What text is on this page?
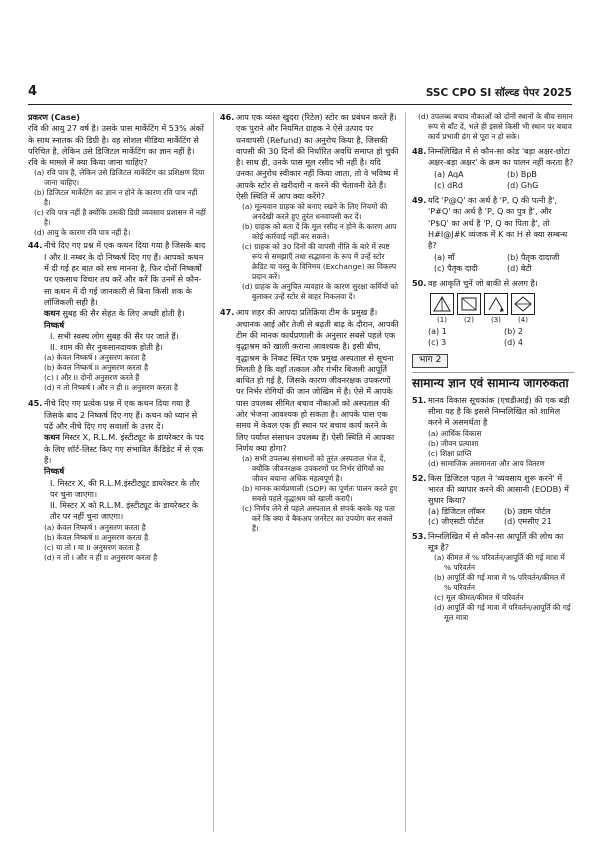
4	SSC CPO SI सॉल्व्ड पेपर 2025

प्रकरण (Case)

रवि की आयु 27 वर्ष है। उसके पास मार्केटिंग में 53% अंकों के साथ स्नातक की डिग्री है। वह सोशल मीडिया मार्केटिंग से परिचित है, लेकिन उसे डिजिटल मार्केटिंग का ज्ञान नहीं है। रवि के मामले में क्या किया जाना चाहिए?

(a) रवि पात्र है, लेकिन उसे डिजिटल मार्केटिंग का प्रशिक्षण दिया जाना चाहिए।

(b) डिजिटल मार्केटिंग का ज्ञान न होने के कारण रवि पात्र नहीं है।

(c) रवि पात्र नहीं है क्योंकि उसकी डिग्री व्यवसाय प्रशासन में नहीं है।

(d) आयु के कारण रवि पात्र नहीं है।

44. नीचे दिए गए प्रश्न में एक कथन दिया गया है जिसके बाद I और II नम्बर के दो निष्कर्ष दिए गए हैं। आपको कथन में दी गई हर बात को सच मानना है, फिर दोनों निष्कर्षों पर एकसाथ विचार तय करें और करें कि उनमें से कौन-सा कथन में दी गई जानकारी से बिना किसी शक के लॉजिकली सही है।

कथन सुबह की सैर सेहत के लिए अच्छी होती है।

निष्कर्ष

I. सभी स्वस्थ लोग सुबह की सैर पर जाते हैं।

II. शाम की सैर नुकसानदायक होती है।

(a) केवल निष्कर्ष I अनुसरण करता है

(b) केवल निष्कर्ष II अनुसरण करता है

(c) I और II दोनों अनुसरण करते हैं

(d) न तो निष्कर्ष I और न ही II अनुसरण करता है

45. नीचे दिए गए प्रत्येक प्रश्न में एक कथन दिया गया है जिसके बाद 2 निष्कर्ष दिए गए हैं। कथन को ध्यान से पढ़ें और नीचे दिए गए सवालों के उत्तर दें।

कथन मिस्टर X, R.L.M. इंस्टीट्यूट के डायरेक्टर के पद के लिए शॉर्ट-लिस्ट किए गए संभावित कैंडिडेट में से एक हैं।

निष्कर्ष

I. मिस्टर X, की R.L.M.इंस्टीट्यूट डायरेक्टर के तौर पर चुना जाएगा।

II. मिस्टर X को R.L.M. इंस्टीट्यूट के डायरेक्टर के तौर पर नहीं चुना जाएगा।

(a) केवल निष्कर्ष I अनुसरण करता है

(b) केवल निष्कर्ष II अनुसरण करता है

(c) या तो I या II अनुसरण करता है

(d) न तो I और न ही II अनुसरण करता है

46. आप एक व्यस्त खुदरा (रिटेल) स्टोर का प्रबंधन करते हैं। एक पुराने और नियमित ग्राहक ने ऐसे उत्पाद पर धनवापसी (Refund) का अनुरोध किया है, जिसकी वापसी की 30 दिनों की निर्धारित अवधि समाप्त हो चुकी है। साथ ही, उनके पास मूल रसीद भी नहीं है। यदि उनका अनुरोध स्वीकार नहीं किया जाता, तो वे भविष्य में आपके स्टोर से खरीदारी न करने की चेतावनी देते हैं। ऐसी स्थिति में आप क्या करेंगे?

(a) मूल्यवान ग्राहक को बनाए रखने के लिए नियमों की अनदेखी करते हुए तुरंत धनवापसी कर दें।

(b) ग्राहक को बता दें कि मूल रसीद न होने के कारण आप कोई कार्रवाई नहीं कर सकते।

(c) ग्राहक को 30 दिनों की वापसी नीति के बारे में स्पष्ट रूप से समझाएँ तथा सद्भावना के रूप में उन्हें स्टोर क्रेडिट या वस्तु के विनिमय (Exchange) का विकल्प प्रदान करें।

(d) ग्राहक के अनुचित व्यवहार के कारण सुरक्षा कर्मियों को बुलाकर उन्हें स्टोर से बाहर निकलवा दें।

47. आप शहर की आपदा प्रतिक्रिया टीम के प्रमुख हैं। अचानक आई और तेजी से बढ़ती बाढ़ के दौरान, आपकी टीम की मानक कार्यप्रणाली के अनुसार सबसे पहले एक वृद्धाश्रम को खाली कराना आवश्यक है। इसी बीच, वृद्धाश्रम के निकट स्थित एक प्रमुख अस्पताल से सूचना मिलती है कि वहाँ तत्काल और गंभीर बिजली आपूर्ति बाधित हो गई है, जिसके कारण जीवनरक्षक उपकरणों पर निर्भर रोगियों की जान जोखिम में है। ऐसे में आपके पास उपलब्ध सीमित बचाव नौकाओं को अस्पताल की ओर भेजना आवश्यक हो सकता है। आपके पास एक समय में केवल एक ही स्थान पर बचाव कार्य करने के लिए पर्याप्त संसाधन उपलब्ध हैं। ऐसी स्थिति में आपका निर्णय क्या होगा?

(a) सभी उपलब्ध संसाधनों को तुरंत अस्पताल भेज दें, क्योंकि जीवनरक्षक उपकरणों पर निर्भर रोगियों का जीवन बचाना अधिक महत्वपूर्ण है।

(b) मानक कार्यप्रणाली (SOP) का पूर्णतः पालन करते हुए सबसे पहले वृद्धाश्रम को खाली कराएँ।

(c) निर्णय लेने से पहले अस्पताल से संपर्क करके यह पता करें कि क्या वे बैकअप जनरेटर का उपयोग कर सकते हैं।

(d) उपलब्ध बचाव नौकाओं को दोनों स्थानों के बीच समान रूप से बाँट दें, भले ही इससे किसी भी स्थान पर बचाव कार्य प्रभावी ढंग से पूरा न हो सके।

48. निम्नलिखित में से कौन-सा कोड 'बड़ा अक्षर-छोटा अक्षर-बड़ा अक्षर' के क्रम का पालन नहीं करता है?

(a) AqA	(b) BpB
(c) dRd	(d) GhG
49. यदि 'P@Q' का अर्थ है 'P, Q की पत्नी है', 'P#Q' का अर्थ है 'P, Q का पुत्र है', और 'P$Q' का अर्थ है 'P, Q का पिता है', तो H#I@J#K व्यंजक में K का H से क्या सम्बन्ध है?

(a) माँ	(b) पैतृक दादाजी
(c) पैतृक दादी	(d) बेटी
50. वह आकृति चुनें जो बाकी से अलग है।

(1)	(2)	(3)	(4)
(a) 1	(b) 2
(c) 3	(d) 4
भाग 2
सामान्य ज्ञान एवं सामान्य जागरुकता
51. मानव विकास सूचकांक (एचडीआई) की एक बड़ी सीमा यह है कि इससे निम्नलिखित को शामिल करने में असमर्थता है

(a) आर्थिक विकास

(b) जीवन प्रत्याशा

(c) शिक्षा प्राप्ति

(d) सामाजिक असमानता और आय वितरण

52. किस डिजिटल पहल ने 'व्यवसाय शुरू करने' में भारत की व्यापार करने की आसानी (EODB) में सुधार किया?

(a) डिजिटल लॉकर	(b) उद्यम पोर्टल
(c) जीएसटी पोर्टल	(d) एमसीए 21
53. निम्नलिखित में से कौन-सा आपूर्ति की लोच का सूत्र है?

(a) कीमत में % परिवर्तन/आपूर्ति की गई मात्रा में % परिवर्तन

(b) आपूर्ति की गई मात्रा में % परिवर्तन/कीमत में % परिवर्तन

(c) मूल कीमत/कीमत में परिवर्तन

(d) आपूर्ति की गई मात्रा में परिवर्तन/आपूर्ति की गई मूल मात्रा
